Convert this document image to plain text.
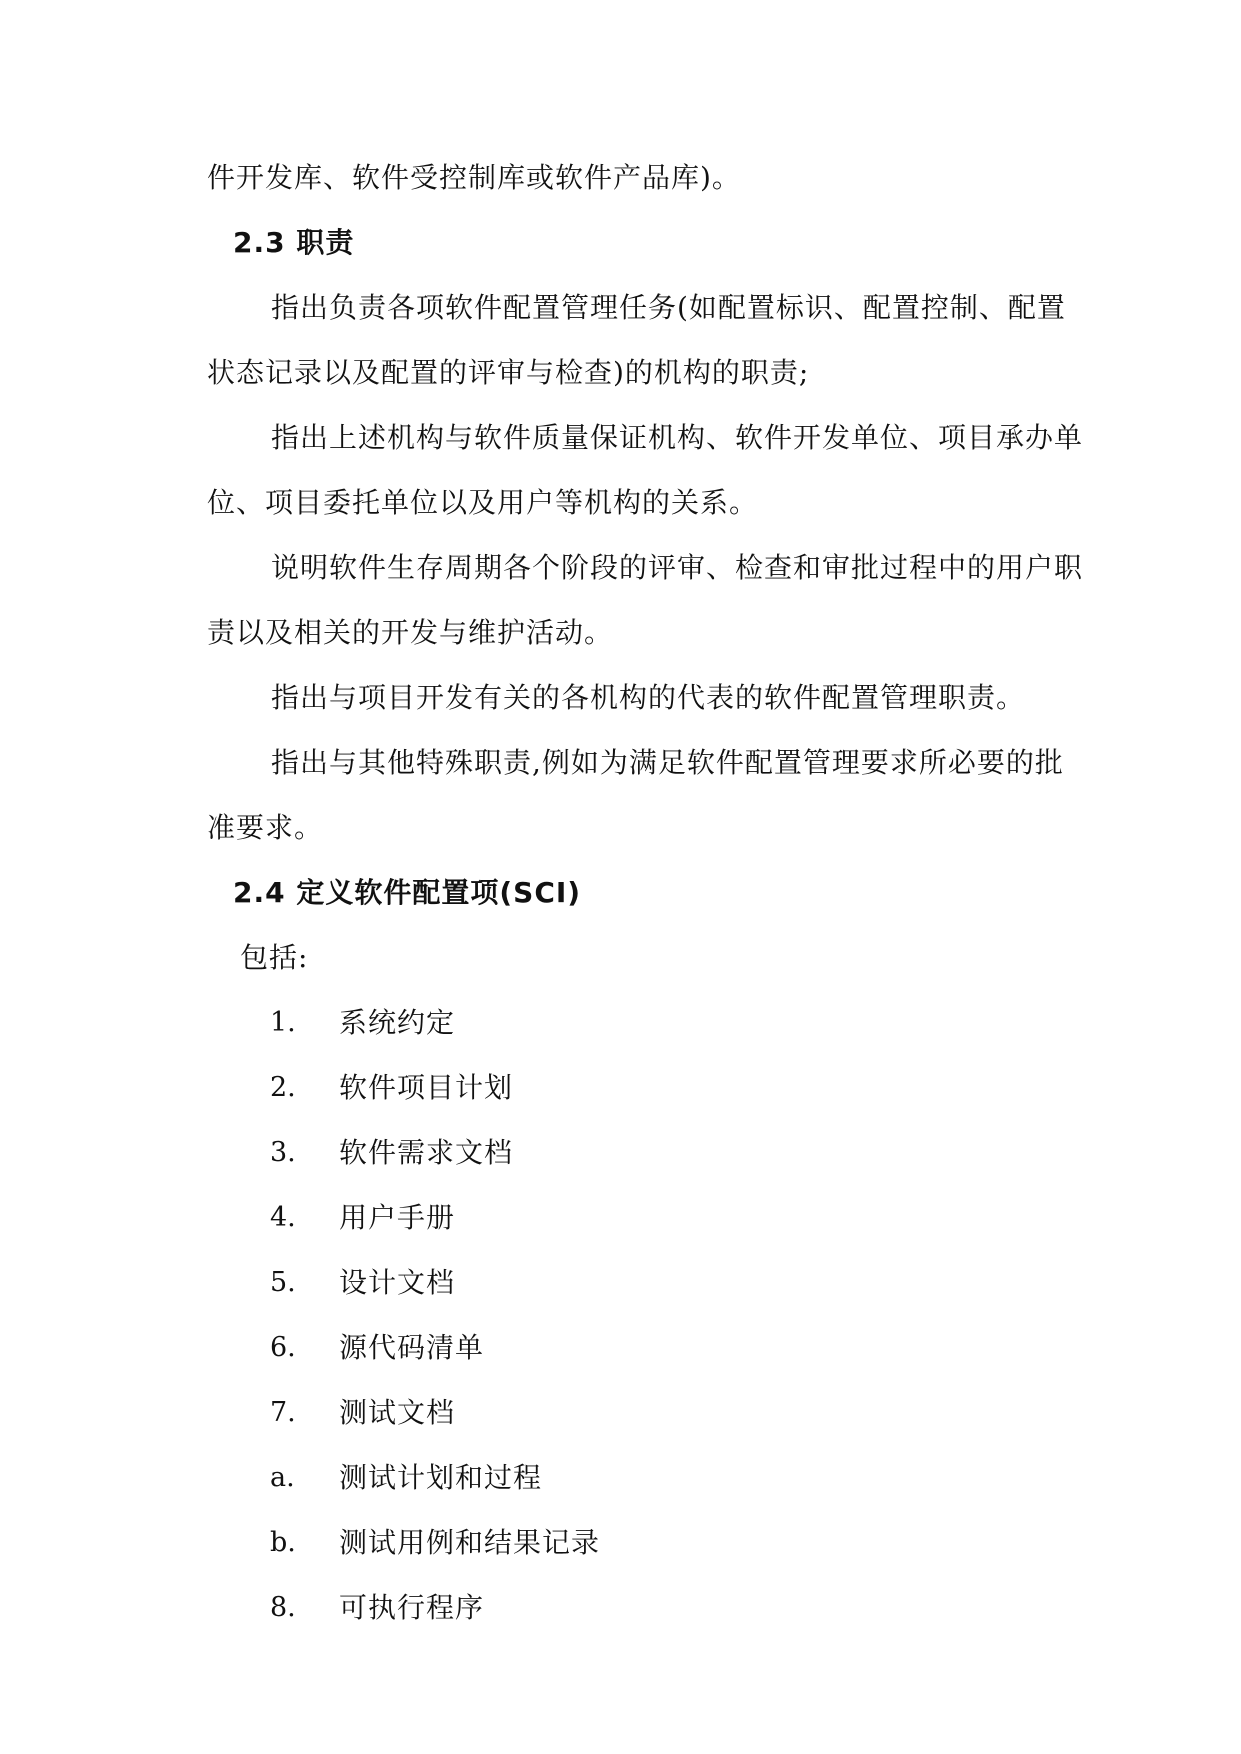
件开发库、软件受控制库或软件产品库)。

2.3 职责

指出负责各项软件配置管理任务(如配置标识、配置控制、配置

状态记录以及配置的评审与检查)的机构的职责;

指出上述机构与软件质量保证机构、软件开发单位、项目承办单

位、项目委托单位以及用户等机构的关系。

说明软件生存周期各个阶段的评审、检查和审批过程中的用户职

责以及相关的开发与维护活动。

指出与项目开发有关的各机构的代表的软件配置管理职责。

指出与其他特殊职责,例如为满足软件配置管理要求所必要的批

准要求。

2.4 定义软件配置项(SCI)

包括:

1. 系统约定
2. 软件项目计划
3. 软件需求文档
4. 用户手册
5. 设计文档
6. 源代码清单
7. 测试文档
a. 测试计划和过程
b. 测试用例和结果记录
8. 可执行程序
